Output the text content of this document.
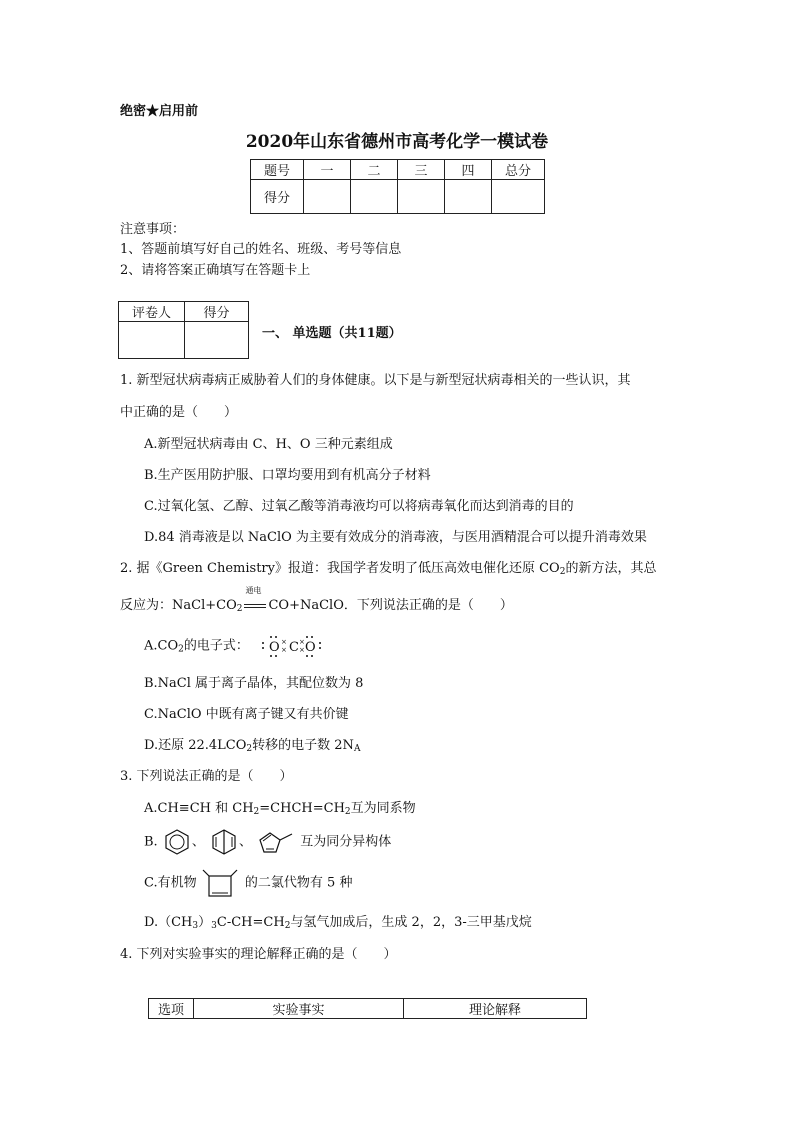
绝密★启用前
2020年山东省德州市高考化学一模试卷
题号	一	二	三	四	总分
得分					
注意事项：
1、答题前填写好自己的姓名、班级、考号等信息
2、请将答案正确填写在答题卡上
评卷人	得分

一、 单选题（共11题）
1. 新型冠状病毒病正威胁着人们的身体健康。以下是与新型冠状病毒相关的一些认识，其
中正确的是（　　）
A.新型冠状病毒由 C、H、O 三种元素组成
B.生产医用防护服、口罩均要用到有机高分子材料
C.过氧化氢、乙醇、过氧乙酸等消毒液均可以将病毒氧化而达到消毒的目的
D.84 消毒液是以 NaClO 为主要有效成分的消毒液，与医用酒精混合可以提升消毒效果
2. 据《Green Chemistry》报道：我国学者发明了低压高效电催化还原 $CO_2$的新方法，其总
反应为：$NaCl+CO_2$
通电
CO+NaClO．下列说法正确的是（　　）
$A.CO_2$的电子式： O C O
×
×
×
×
B.NaCl 属于离子晶体，其配位数为 8
C.NaClO 中既有离子键又有共价键
D.还原 $22.4LCO_2$转移的电子数 $2N_A$
3. 下列说法正确的是（　　）
A.CH≡CH 和 $CH_2=CHCH=CH_2$互为同系物
B.	、	、	互为同分异构体
C.有机物	的二氯代物有 5 种
$D.(CH_3)_3C-CH=CH_2$与氢气加成后，生成 2，2，3-三甲基戊烷
4. 下列对实验事实的理论解释正确的是（　　）
选项	实验事实	理论解释
